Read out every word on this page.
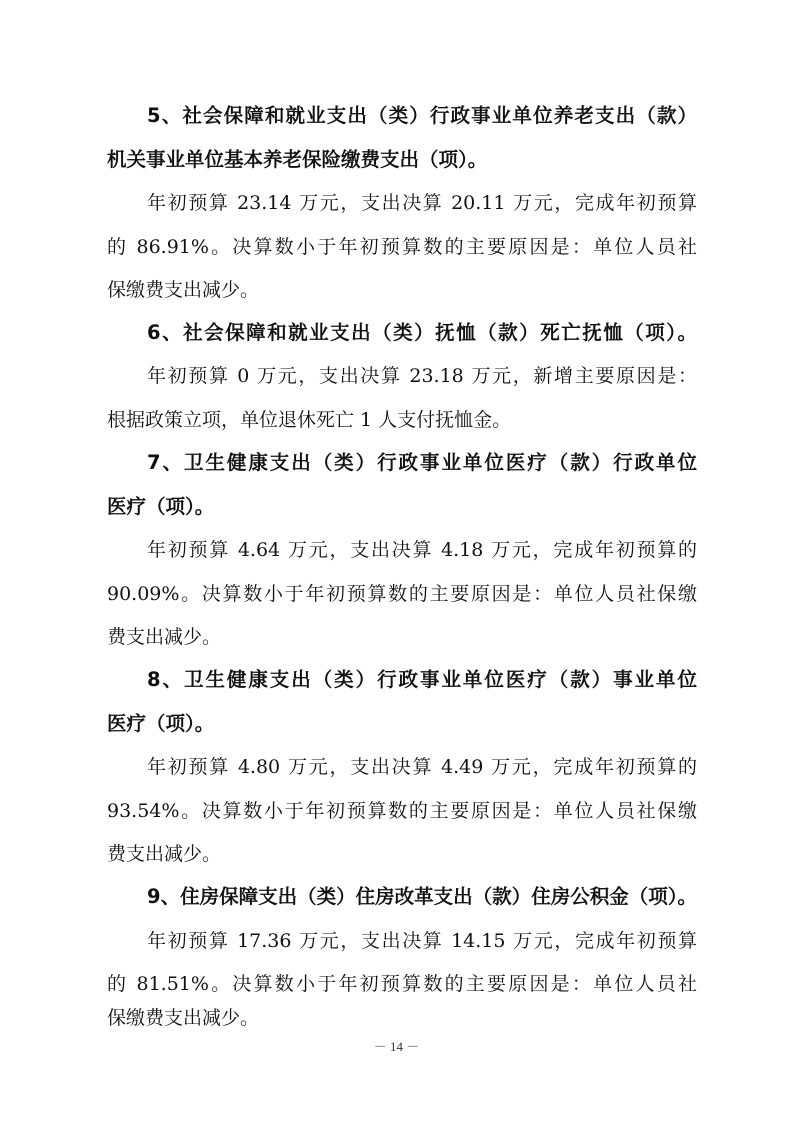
5、社会保障和就业支出（类）行政事业单位养老支出（款）
机关事业单位基本养老保险缴费支出（项）。
年初预算 23.14 万元，支出决算 20.11 万元，完成年初预算
的 86.91%。决算数小于年初预算数的主要原因是：单位人员社
保缴费支出减少。
6、社会保障和就业支出（类）抚恤（款）死亡抚恤（项）。
年初预算 0 万元，支出决算 23.18 万元，新增主要原因是：
根据政策立项，单位退休死亡 1 人支付抚恤金。
7、卫生健康支出（类）行政事业单位医疗（款）行政单位
医疗（项）。
年初预算 4.64 万元，支出决算 4.18 万元，完成年初预算的
90.09%。决算数小于年初预算数的主要原因是：单位人员社保缴
费支出减少。
8、卫生健康支出（类）行政事业单位医疗（款）事业单位
医疗（项）。
年初预算 4.80 万元，支出决算 4.49 万元，完成年初预算的
93.54%。决算数小于年初预算数的主要原因是：单位人员社保缴
费支出减少。
9、住房保障支出（类）住房改革支出（款）住房公积金（项）。
年初预算 17.36 万元，支出决算 14.15 万元，完成年初预算
的 81.51%。决算数小于年初预算数的主要原因是：单位人员社
－ 14 －
保缴费支出减少。
